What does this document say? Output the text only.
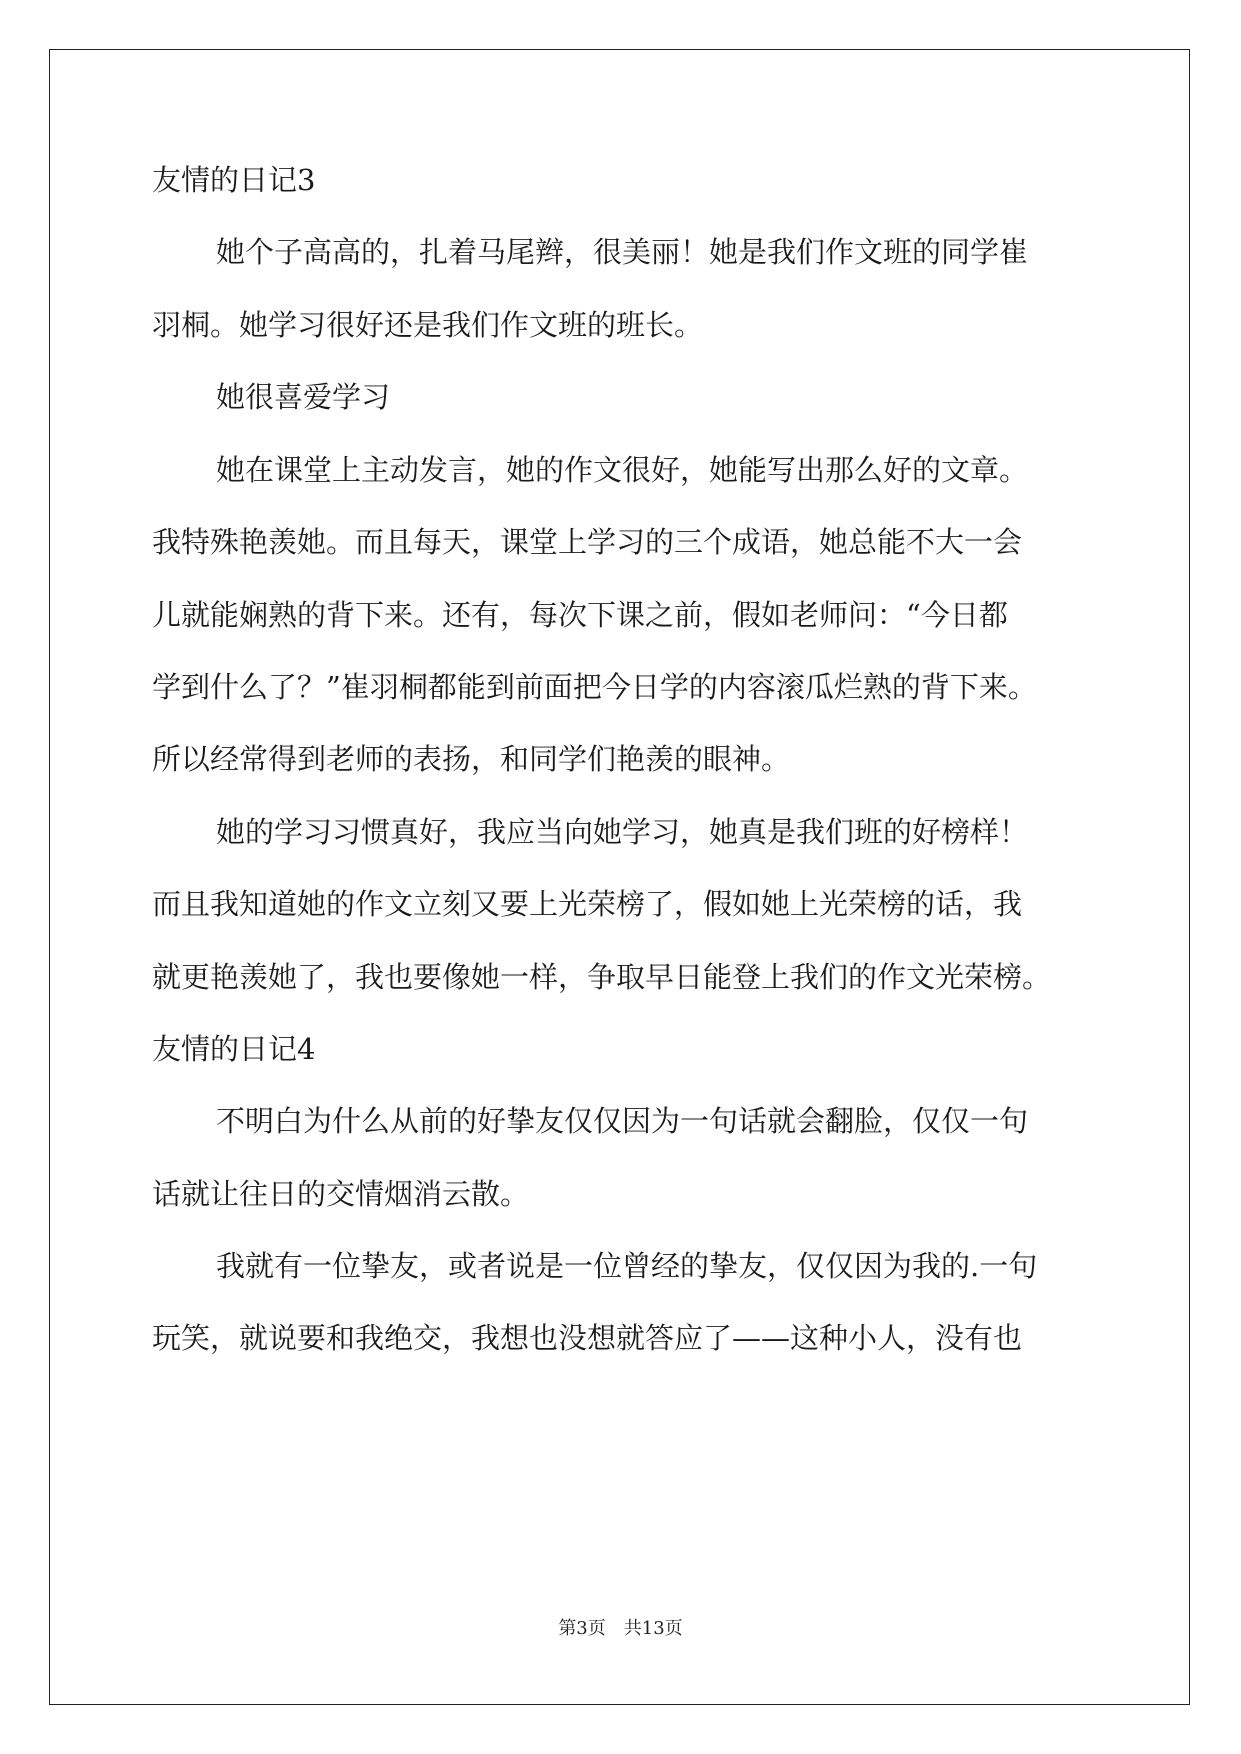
友情的日记3
她个子高高的，扎着马尾辫，很美丽！她是我们作文班的同学崔
羽桐。她学习很好还是我们作文班的班长。
她很喜爱学习
她在课堂上主动发言，她的作文很好，她能写出那么好的文章。
我特殊艳羡她。而且每天，课堂上学习的三个成语，她总能不大一会
儿就能娴熟的背下来。还有，每次下课之前，假如老师问：“今日都
学到什么了？”崔羽桐都能到前面把今日学的内容滚瓜烂熟的背下来。
所以经常得到老师的表扬，和同学们艳羡的眼神。
她的学习习惯真好，我应当向她学习，她真是我们班的好榜样！
而且我知道她的作文立刻又要上光荣榜了，假如她上光荣榜的话，我
就更艳羡她了，我也要像她一样，争取早日能登上我们的作文光荣榜。
友情的日记4
不明白为什么从前的好挚友仅仅因为一句话就会翻脸，仅仅一句
话就让往日的交情烟消云散。
我就有一位挚友，或者说是一位曾经的挚友，仅仅因为我的.一句
玩笑，就说要和我绝交，我想也没想就答应了——这种小人，没有也
第3页　共13页
